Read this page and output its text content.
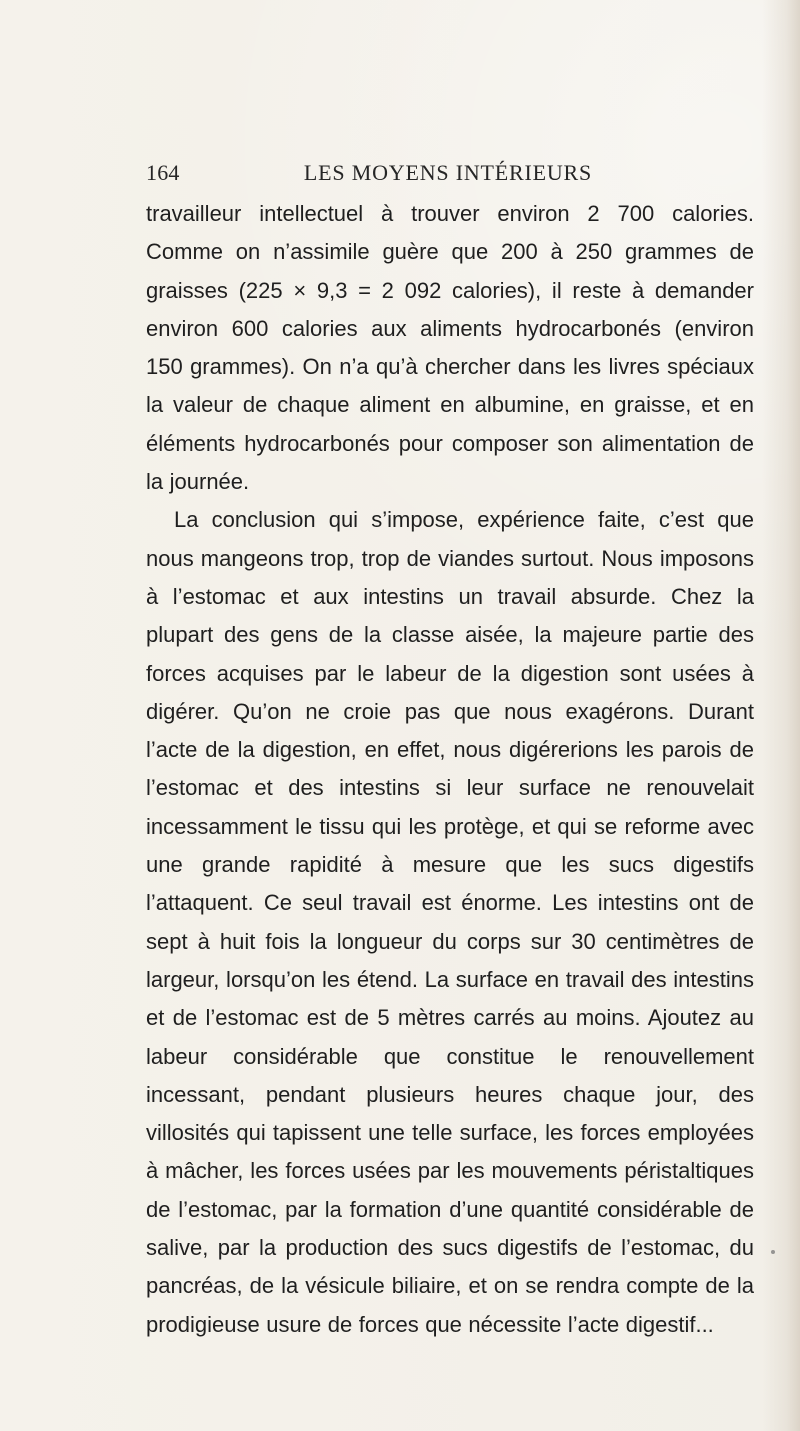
164	LES MOYENS INTÉRIEURS

travailleur intellectuel à trouver environ 2 700 calories. Comme on n’assimile guère que 200 à 250 grammes de graisses (225 × 9,3 = 2 092 calories), il reste à demander environ 600 calories aux aliments hydrocarbonés (environ 150 grammes). On n’a qu’à chercher dans les livres spéciaux la valeur de chaque aliment en albumine, en graisse, et en éléments hydrocarbonés pour composer son alimentation de la journée.

La conclusion qui s’impose, expérience faite, c’est que nous mangeons trop, trop de viandes surtout. Nous imposons à l’estomac et aux intestins un travail absurde. Chez la plupart des gens de la classe aisée, la majeure partie des forces acquises par le labeur de la digestion sont usées à digérer. Qu’on ne croie pas que nous exagérons. Durant l’acte de la digestion, en effet, nous digérerions les parois de l’estomac et des intestins si leur surface ne renouvelait incessamment le tissu qui les protège, et qui se reforme avec une grande rapidité à mesure que les sucs digestifs l’attaquent. Ce seul travail est énorme. Les intestins ont de sept à huit fois la longueur du corps sur 30 centimètres de largeur, lorsqu’on les étend. La surface en travail des intestins et de l’estomac est de 5 mètres carrés au moins. Ajoutez au labeur considérable que constitue le renouvellement incessant, pendant plusieurs heures chaque jour, des villosités qui tapissent une telle surface, les forces employées à mâcher, les forces usées par les mouvements péristaltiques de l’estomac, par la formation d’une quantité considérable de salive, par la production des sucs digestifs de l’estomac, du pancréas, de la vésicule biliaire, et on se rendra compte de la prodigieuse usure de forces que nécessite l’acte digestif...
